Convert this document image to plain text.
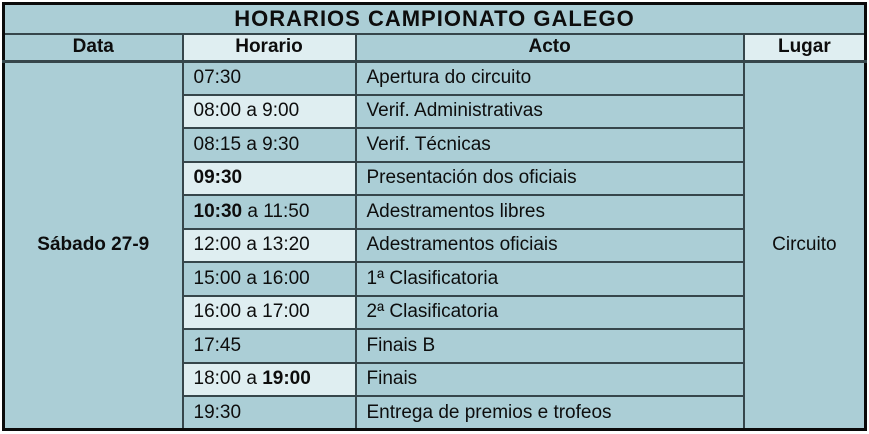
HORARIOS CAMPIONATO GALEGO			
Data	Horario	Acto	Lugar
Sábado 27-9	07:30	Apertura do circuito	Circuito
	08:00 a 9:00	Verif. Administrativas	
	08:15 a 9:30	Verif. Técnicas	
	09:30	Presentación dos oficiais	
	10:30 a 11:50	Adestramentos libres	
	12:00 a 13:20	Adestramentos oficiais	
	15:00 a 16:00	1ª Clasificatoria	
	16:00 a 17:00	2ª Clasificatoria	
	17:45	Finais B	
	18:00 a 19:00	Finais	
	19:30	Entrega de premios e trofeos	
